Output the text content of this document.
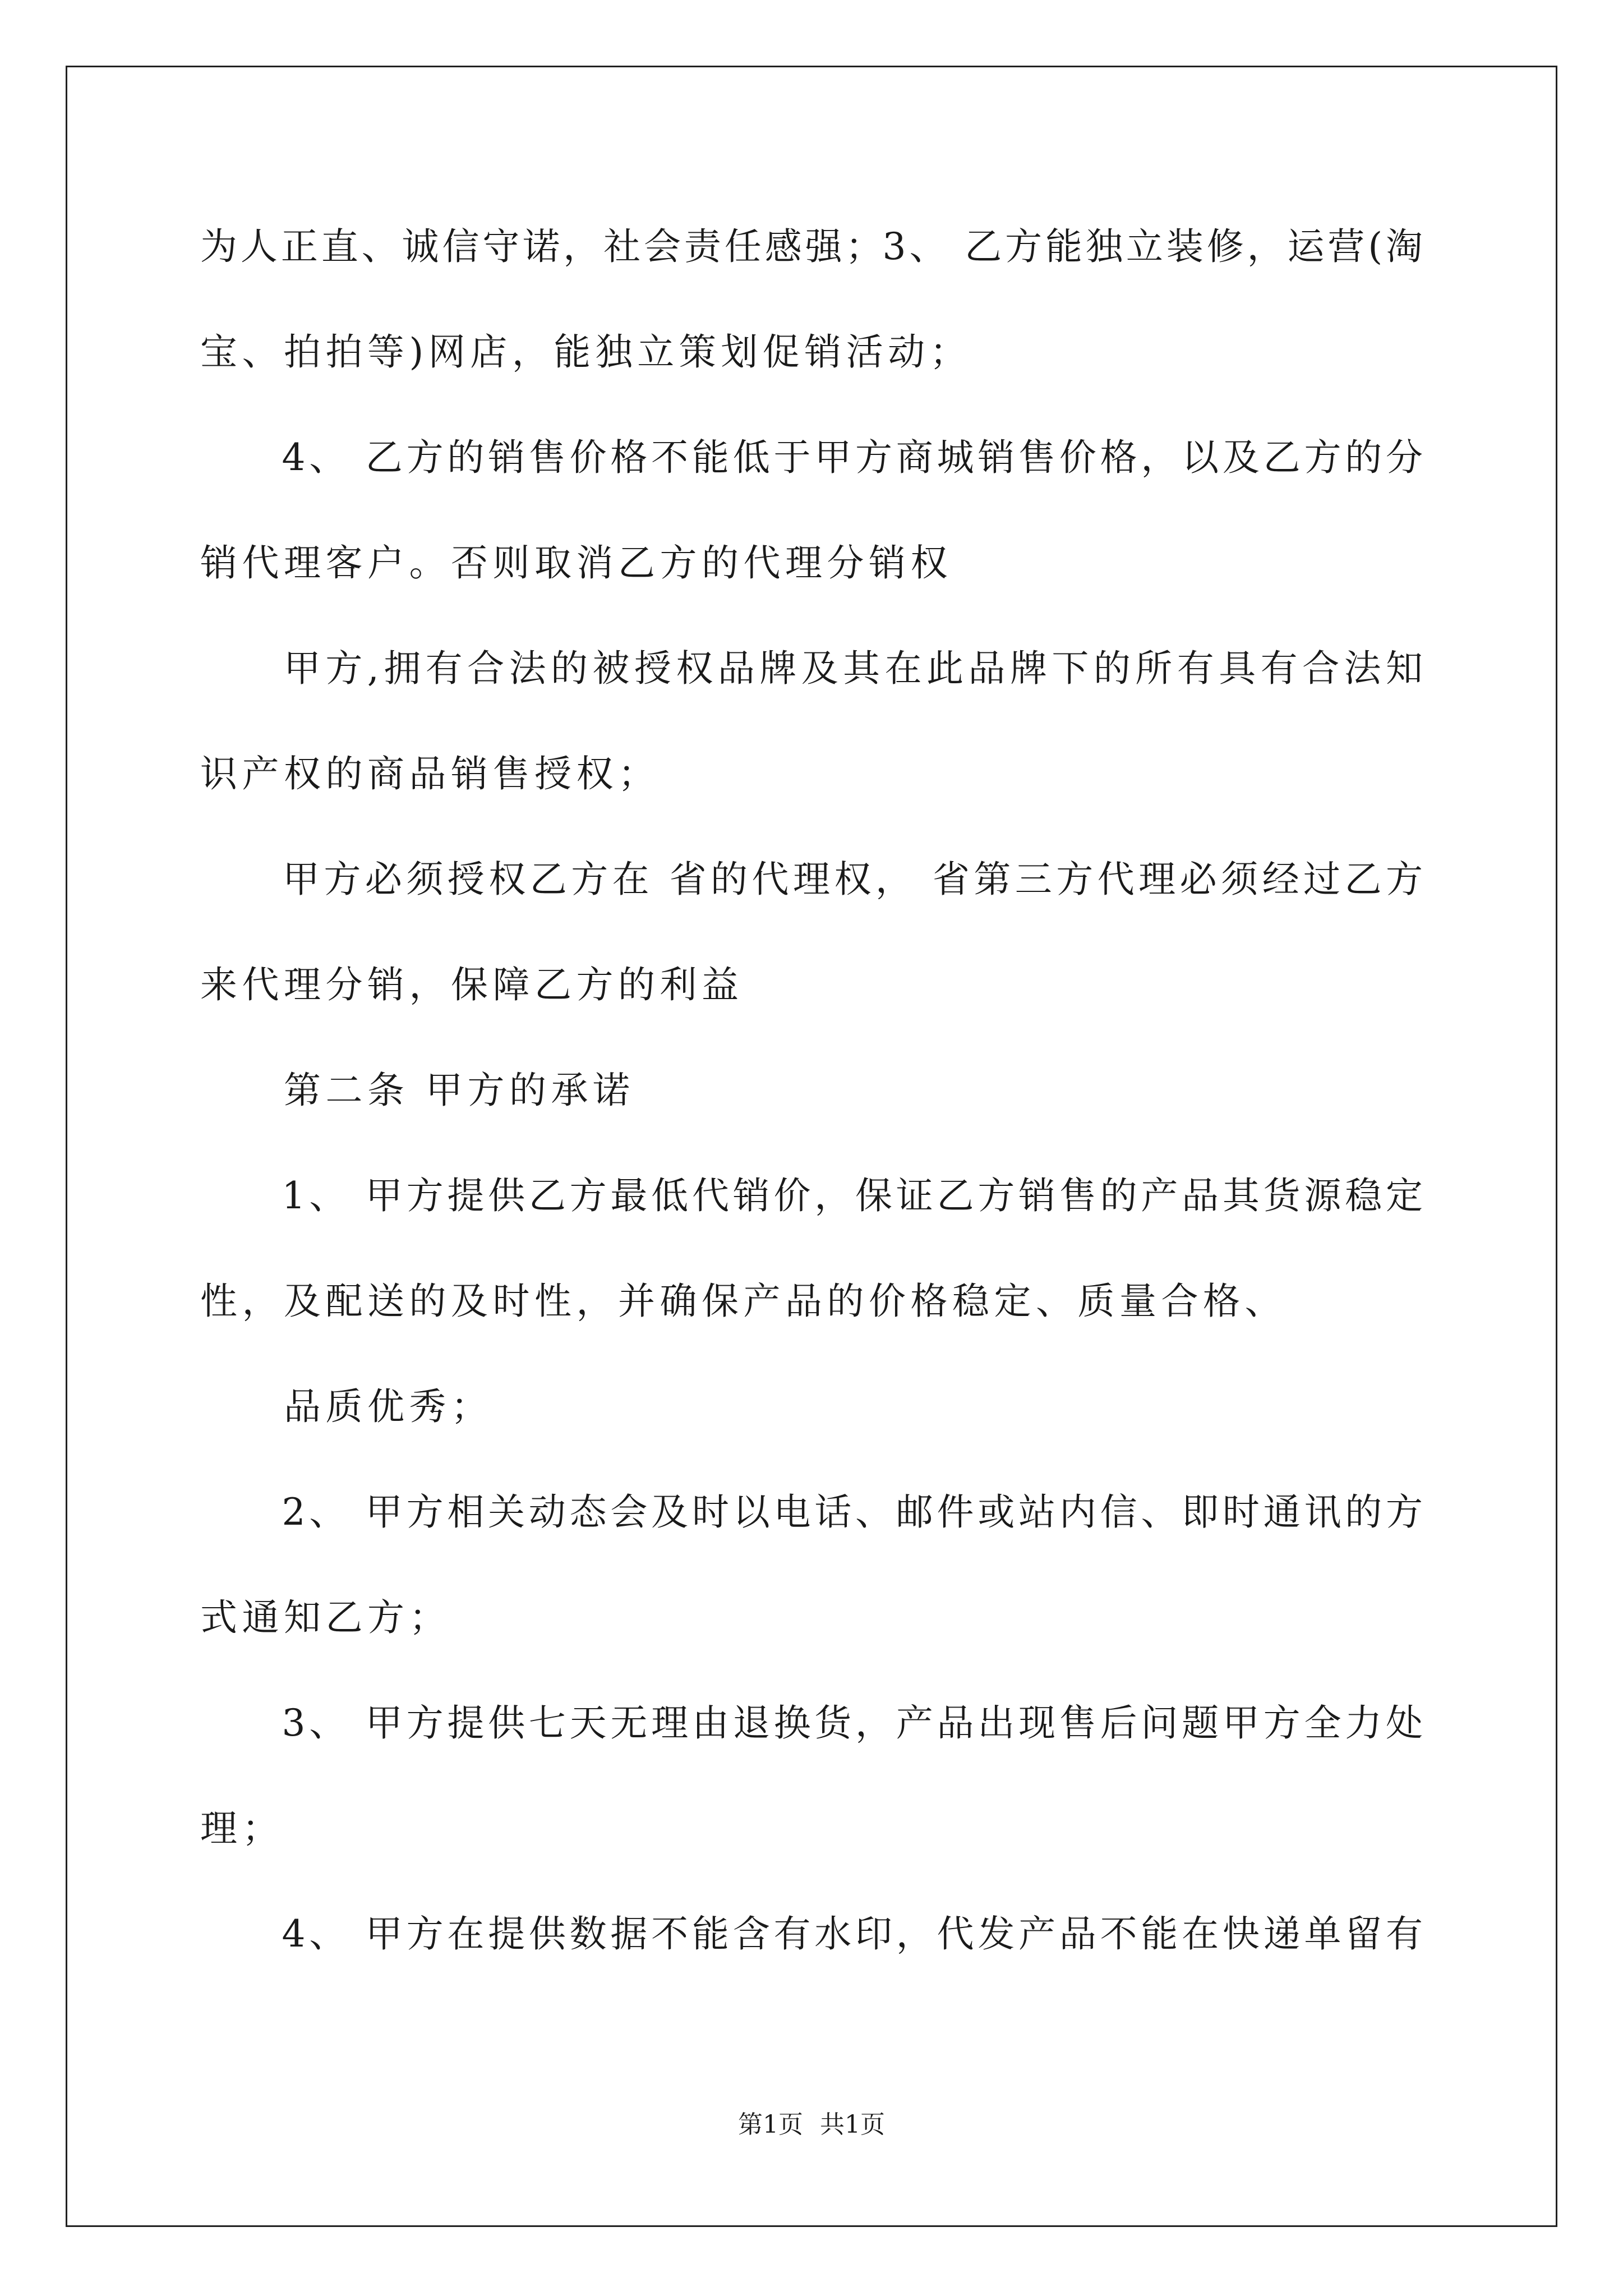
为人正直、诚信守诺，社会责任感强；3、 乙方能独立装修，运营(淘
宝、拍拍等)网店，能独立策划促销活动；
　　4、 乙方的销售价格不能低于甲方商城销售价格，以及乙方的分
销代理客户。否则取消乙方的代理分销权
　　甲方,拥有合法的被授权品牌及其在此品牌下的所有具有合法知
识产权的商品销售授权；
　　甲方必须授权乙方在 省的代理权， 省第三方代理必须经过乙方
来代理分销，保障乙方的利益
　　第二条 甲方的承诺
　　1、 甲方提供乙方最低代销价，保证乙方销售的产品其货源稳定
性，及配送的及时性，并确保产品的价格稳定、质量合格、
　　品质优秀；
　　2、 甲方相关动态会及时以电话、邮件或站内信、即时通讯的方
式通知乙方；
　　3、 甲方提供七天无理由退换货，产品出现售后问题甲方全力处
理；
　　4、 甲方在提供数据不能含有水印，代发产品不能在快递单留有
第1页 共1页
